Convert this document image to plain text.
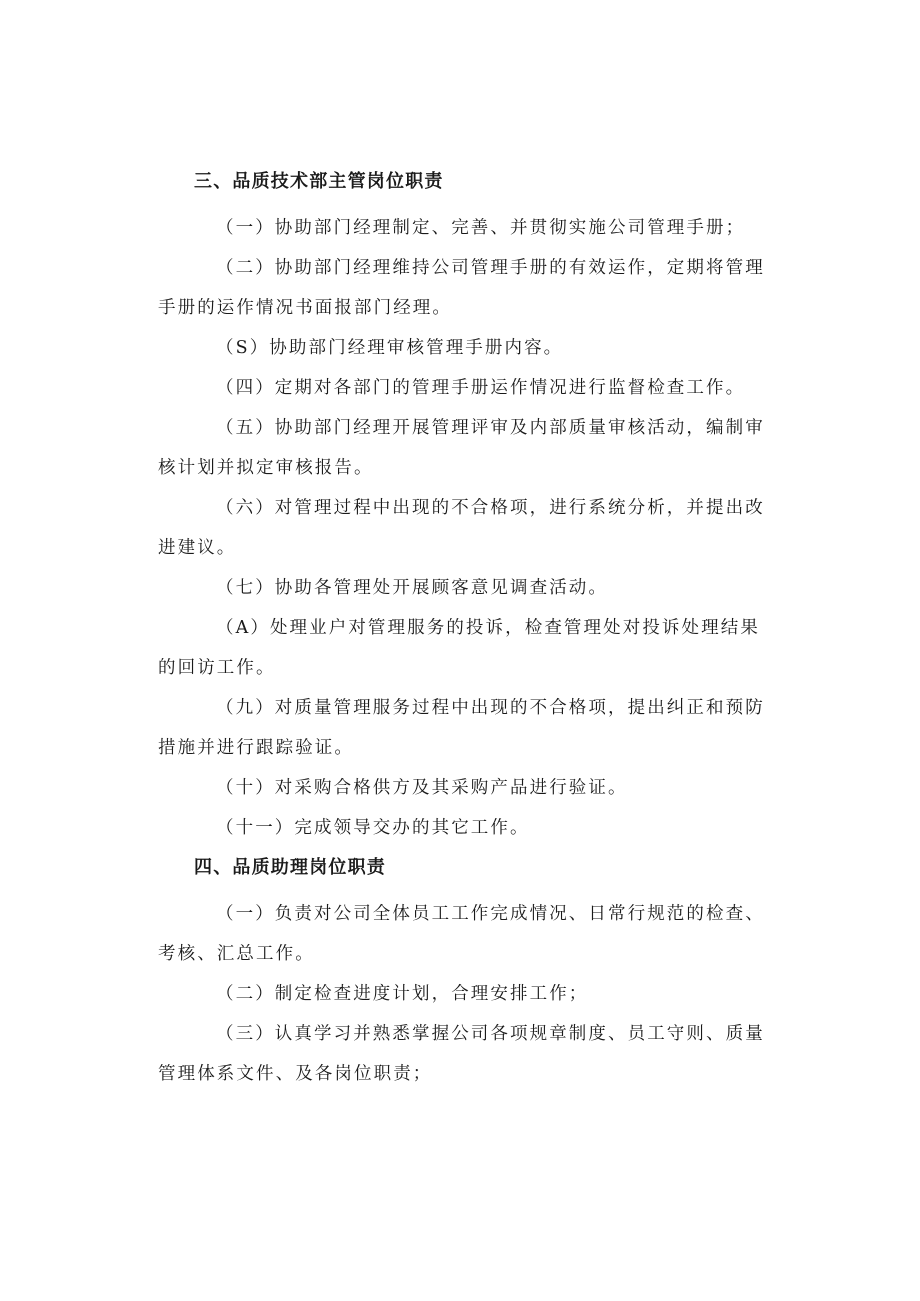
三、品质技术部主管岗位职责

（一）协助部门经理制定、完善、并贯彻实施公司管理手册；

（二）协助部门经理维持公司管理手册的有效运作，定期将管理手册的运作情况书面报部门经理。

（S）协助部门经理审核管理手册内容。

（四）定期对各部门的管理手册运作情况进行监督检查工作。

（五）协助部门经理开展管理评审及内部质量审核活动，编制审核计划并拟定审核报告。

（六）对管理过程中出现的不合格项，进行系统分析，并提出改进建议。

（七）协助各管理处开展顾客意见调查活动。

（A）处理业户对管理服务的投诉，检查管理处对投诉处理结果的回访工作。

（九）对质量管理服务过程中出现的不合格项，提出纠正和预防措施并进行跟踪验证。

（十）对采购合格供方及其采购产品进行验证。

（十一）完成领导交办的其它工作。

四、品质助理岗位职责

（一）负责对公司全体员工工作完成情况、日常行规范的检查、考核、汇总工作。

（二）制定检查进度计划，合理安排工作；

（三）认真学习并熟悉掌握公司各项规章制度、员工守则、质量管理体系文件、及各岗位职责；
